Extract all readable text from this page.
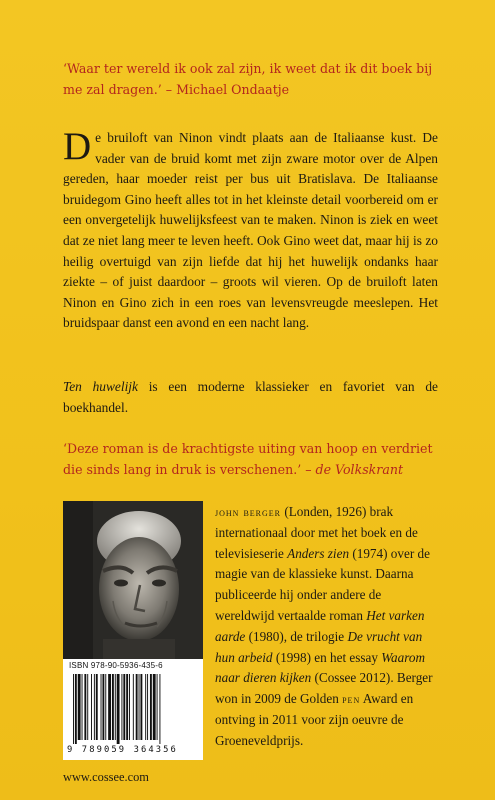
‘Waar ter wereld ik ook zal zijn, ik weet dat ik dit boek bij me zal dragen.’ – Michael Ondaatje
De bruiloft van Ninon vindt plaats aan de Italiaanse kust. De vader van de bruid komt met zijn zware motor over de Alpen gereden, haar moeder reist per bus uit Bratislava. De Italiaanse bruidegom Gino heeft alles tot in het kleinste detail voorbereid om er een onvergetelijk huwelijksfeest van te maken. Ninon is ziek en weet dat ze niet lang meer te leven heeft. Ook Gino weet dat, maar hij is zo heilig overtuigd van zijn liefde dat hij het huwelijk ondanks haar ziekte – of juist daardoor – groots wil vieren. Op de bruiloft laten Ninon en Gino zich in een roes van levensvreugde meeslepen. Het bruidspaar danst een avond en een nacht lang.
Ten huwelijk is een moderne klassieker en favoriet van de boekhandel.
‘Deze roman is de krachtigste uiting van hoop en verdriet die sinds lang in druk is verschenen.’ – de Volkskrant
ISBN 978-90-5936-435-6
9 789059 364356
john berger (Londen, 1926) brak internationaal door met het boek en de televisieserie Anders zien (1974) over de magie van de klassieke kunst. Daarna publiceerde hij onder andere de wereldwijd vertaalde roman Het varken aarde (1980), de trilogie De vrucht van hun arbeid (1998) en het essay Waarom naar dieren kijken (Cossee 2012). Berger won in 2009 de Golden pen Award en ontving in 2011 voor zijn oeuvre de Groeneveldprijs.
www.cossee.com
